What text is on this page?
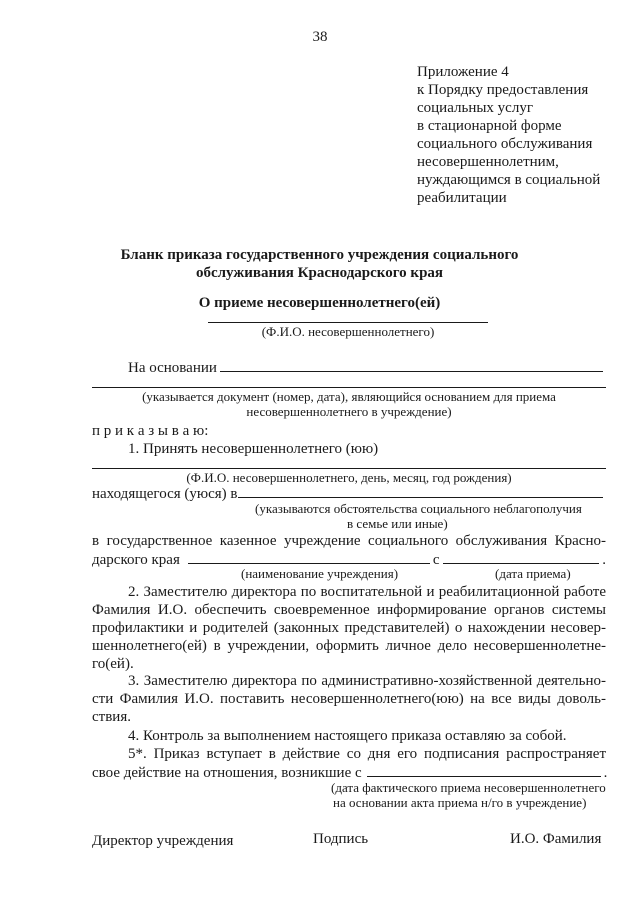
38
Приложение 4
к Порядку предоставления
социальных услуг
в стационарной форме
социального обслуживания
несовершеннолетним,
нуждающимся в социальной
реабилитации
Бланк приказа государственного учреждения социального
обслуживания Краснодарского края
О приеме несовершеннолетнего(ей)
(Ф.И.О. несовершеннолетнего)
На основании
(указывается документ (номер, дата), являющийся основанием для приема
несовершеннолетнего в учреждение)
п р и к а з ы в а ю:
1. Принять несовершеннолетнего (юю)
(Ф.И.О. несовершеннолетнего, день, месяц, год рождения)
находящегося (уюся) в
(указываются обстоятельства социального неблагополучия
в семье или иные)
в государственное казенное учреждение социального обслуживания Красно-
дарского края	с	.
(наименование учреждения)	(дата приема)
2. Заместителю директора по воспитательной и реабилитационной работе
Фамилия И.О. обеспечить своевременное информирование органов системы
профилактики и родителей (законных представителей) о нахождении несовер-
шеннолетнего(ей) в учреждении, оформить личное дело несовершеннолетне-
го(ей).
3. Заместителю директора по административно-хозяйственной деятельно-
сти Фамилия И.О. поставить несовершеннолетнего(юю) на все виды доволь-
ствия.
4. Контроль за выполнением настоящего приказа оставляю за собой.
5*. Приказ вступает в действие со дня его подписания распространяет
свое действие на отношения, возникшие с	.
(дата фактического приема несовершеннолетнего
на основании акта приема н/го в учреждение)
Директор учреждения	Подпись	И.О. Фамилия
